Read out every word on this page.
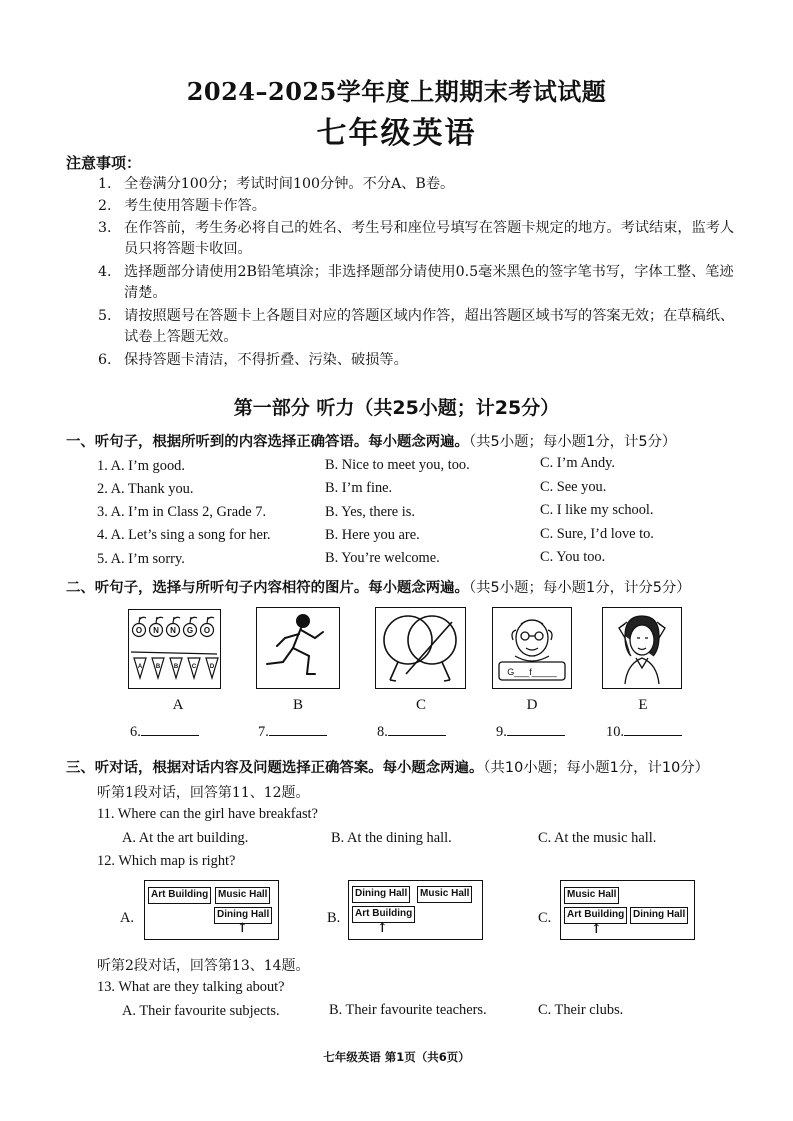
2024–2025学年度上期期末考试试题
七年级英语
注意事项：
1. 全卷满分100分；考试时间100分钟。不分A、B卷。
2. 考生使用答题卡作答。
3. 在作答前，考生务必将自己的姓名、考生号和座位号填写在答题卡规定的地方。考试结束，监考人员只将答题卡收回。
4. 选择题部分请使用2B铅笔填涂；非选择题部分请使用0.5毫米黑色的签字笔书写，字体工整、笔迹清楚。
5. 请按照题号在答题卡上各题目对应的答题区域内作答，超出答题区域书写的答案无效；在草稿纸、试卷上答题无效。
6. 保持答题卡清洁，不得折叠、污染、破损等。
第一部分 听力（共25小题；计25分）
一、听句子，根据所听到的内容选择正确答语。每小题念两遍。（共5小题；每小题1分，计5分）
1. A. I’m good.	B. Nice to meet you, too.	C. I’m Andy.
2. A. Thank you.	B. I’m fine.	C. See you.
3. A. I’m in Class 2, Grade 7.	B. Yes, there is.	C. I like my school.
4. A. Let’s sing a song for her.	B. Here you are.	C. Sure, I’d love to.
5. A. I’m sorry.	B. You’re welcome.	C. You too.
二、听句子，选择与所听句子内容相符的图片。每小题念两遍。（共5小题；每小题1分，计分5分）
O N N G O
A B B C D	G___f_____
A	B	C	D	E
6.	7.	8.	9.	10.
三、听对话，根据对话内容及问题选择正确答案。每小题念两遍。（共10小题；每小题1分，计10分）
听第1段对话，回答第11、12题。
11. Where can the girl have breakfast?
A. At the art building.	B. At the dining hall.	C. At the music hall.
12. Which map is right?
A.
Art Building Music Hall
Dining Hall
↑
B.
Dining Hall	Music Hall
Art Building
↑
C.
Music Hall
Art Building Dining Hall
↑
听第2段对话，回答第13、14题。
13. What are they talking about?
A. Their favourite subjects.	B. Their favourite teachers.	C. Their clubs.
七年级英语 第1页（共6页）
